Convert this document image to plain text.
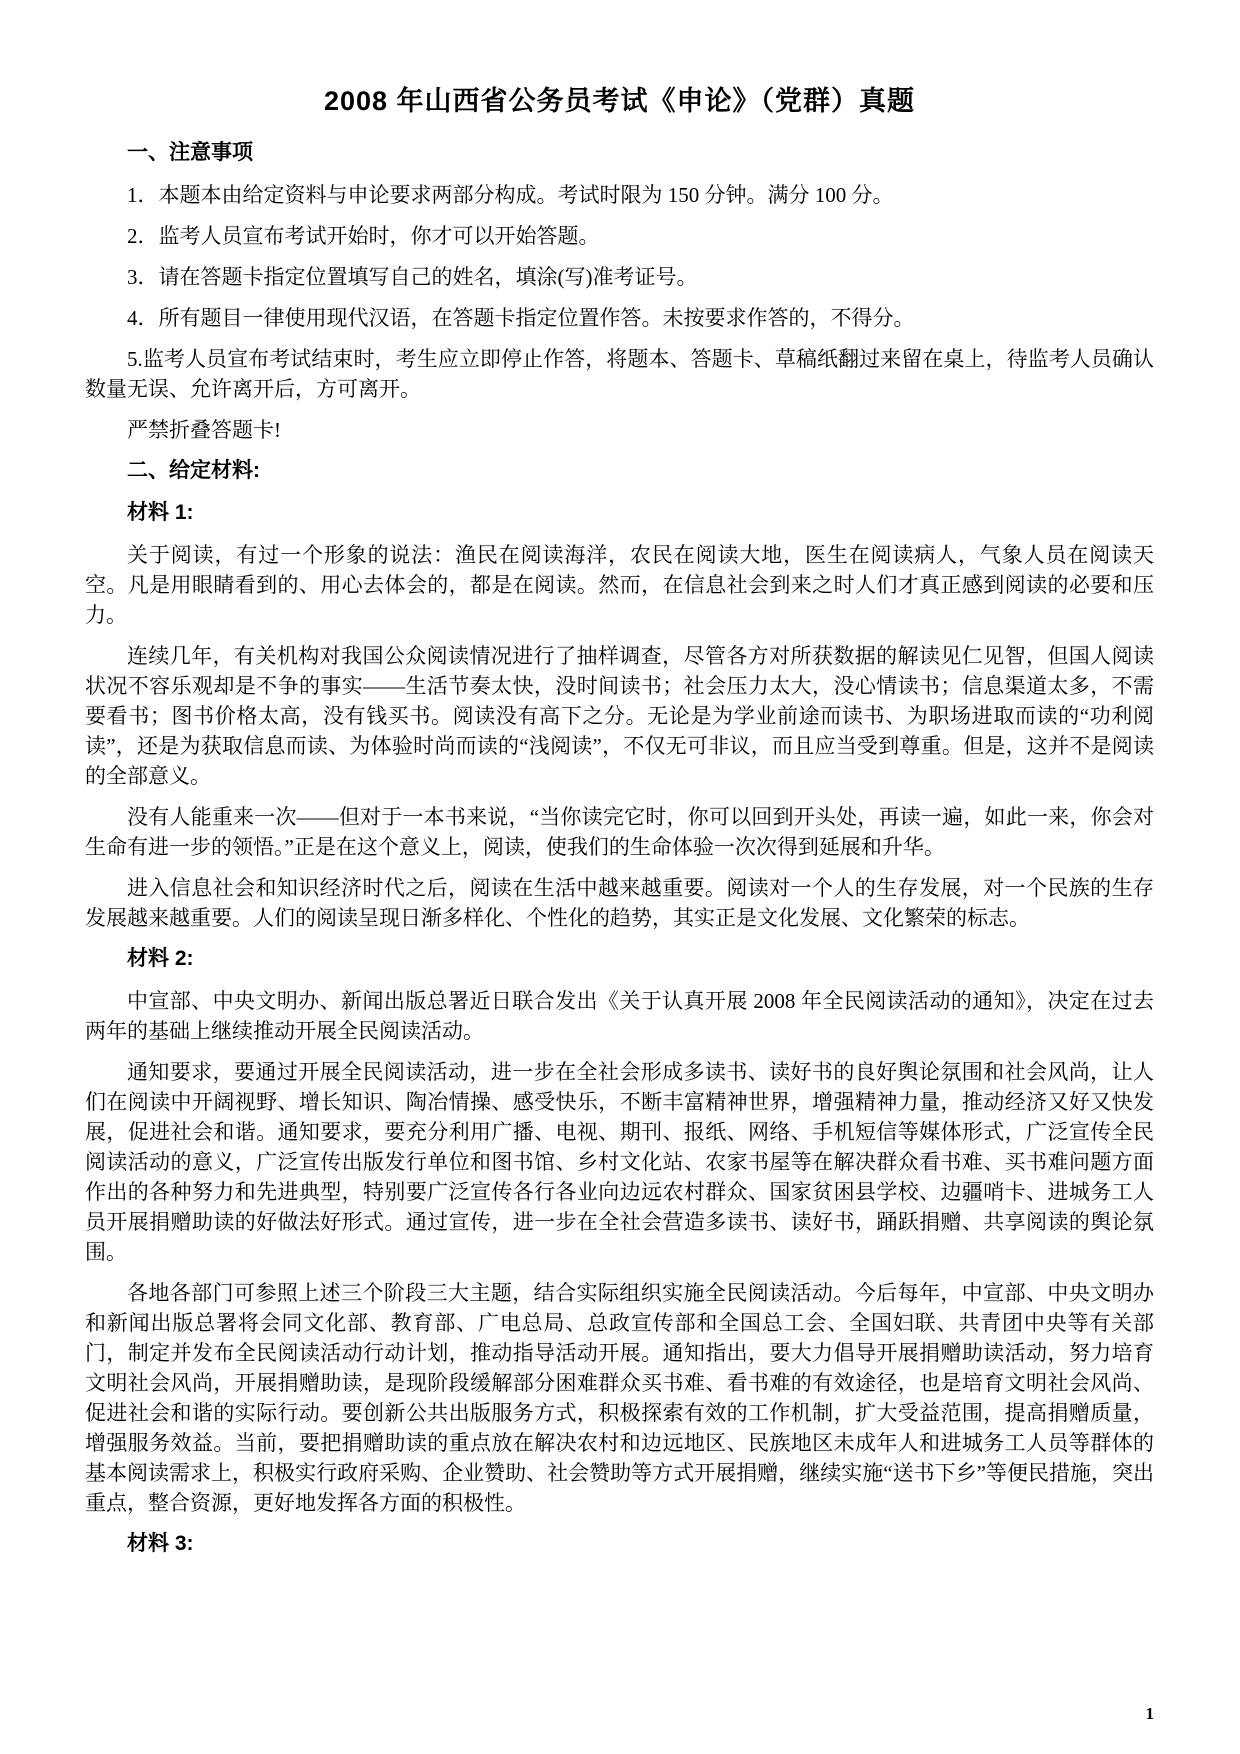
2008 年山西省公务员考试《申论》（党群）真题
一、注意事项

1．本题本由给定资料与申论要求两部分构成。考试时限为 150 分钟。满分 100 分。

2．监考人员宣布考试开始时，你才可以开始答题。

3．请在答题卡指定位置填写自己的姓名，填涂(写)准考证号。

4．所有题目一律使用现代汉语，在答题卡指定位置作答。未按要求作答的，不得分。

5.监考人员宣布考试结束时，考生应立即停止作答，将题本、答题卡、草稿纸翻过来留在桌上，待监考人员确认数量无误、允许离开后，方可离开。

严禁折叠答题卡!

二、给定材料:
材料 1:

关于阅读，有过一个形象的说法：渔民在阅读海洋，农民在阅读大地，医生在阅读病人，气象人员在阅读天空。凡是用眼睛看到的、用心去体会的，都是在阅读。然而，在信息社会到来之时人们才真正感到阅读的必要和压力。

连续几年，有关机构对我国公众阅读情况进行了抽样调查，尽管各方对所获数据的解读见仁见智，但国人阅读状况不容乐观却是不争的事实——生活节奏太快，没时间读书；社会压力太大，没心情读书；信息渠道太多，不需要看书；图书价格太高，没有钱买书。阅读没有高下之分。无论是为学业前途而读书、为职场进取而读的“功利阅读”，还是为获取信息而读、为体验时尚而读的“浅阅读”，不仅无可非议，而且应当受到尊重。但是，这并不是阅读的全部意义。

没有人能重来一次——但对于一本书来说，“当你读完它时，你可以回到开头处，再读一遍，如此一来，你会对生命有进一步的领悟。”正是在这个意义上，阅读，使我们的生命体验一次次得到延展和升华。

进入信息社会和知识经济时代之后，阅读在生活中越来越重要。阅读对一个人的生存发展，对一个民族的生存发展越来越重要。人们的阅读呈现日渐多样化、个性化的趋势，其实正是文化发展、文化繁荣的标志。

材料 2:

中宣部、中央文明办、新闻出版总署近日联合发出《关于认真开展 2008 年全民阅读活动的通知》，决定在过去两年的基础上继续推动开展全民阅读活动。

通知要求，要通过开展全民阅读活动，进一步在全社会形成多读书、读好书的良好舆论氛围和社会风尚，让人们在阅读中开阔视野、增长知识、陶冶情操、感受快乐，不断丰富精神世界，增强精神力量，推动经济又好又快发展，促进社会和谐。通知要求，要充分利用广播、电视、期刊、报纸、网络、手机短信等媒体形式，广泛宣传全民阅读活动的意义，广泛宣传出版发行单位和图书馆、乡村文化站、农家书屋等在解决群众看书难、买书难问题方面作出的各种努力和先进典型，特别要广泛宣传各行各业向边远农村群众、国家贫困县学校、边疆哨卡、进城务工人员开展捐赠助读的好做法好形式。通过宣传，进一步在全社会营造多读书、读好书，踊跃捐赠、共享阅读的舆论氛围。

各地各部门可参照上述三个阶段三大主题，结合实际组织实施全民阅读活动。今后每年，中宣部、中央文明办和新闻出版总署将会同文化部、教育部、广电总局、总政宣传部和全国总工会、全国妇联、共青团中央等有关部门，制定并发布全民阅读活动行动计划，推动指导活动开展。通知指出，要大力倡导开展捐赠助读活动，努力培育文明社会风尚，开展捐赠助读，是现阶段缓解部分困难群众买书难、看书难的有效途径，也是培育文明社会风尚、促进社会和谐的实际行动。要创新公共出版服务方式，积极探索有效的工作机制，扩大受益范围，提高捐赠质量，增强服务效益。当前，要把捐赠助读的重点放在解决农村和边远地区、民族地区未成年人和进城务工人员等群体的基本阅读需求上，积极实行政府采购、企业赞助、社会赞助等方式开展捐赠，继续实施“送书下乡”等便民措施，突出重点，整合资源，更好地发挥各方面的积极性。

材料 3:
1
